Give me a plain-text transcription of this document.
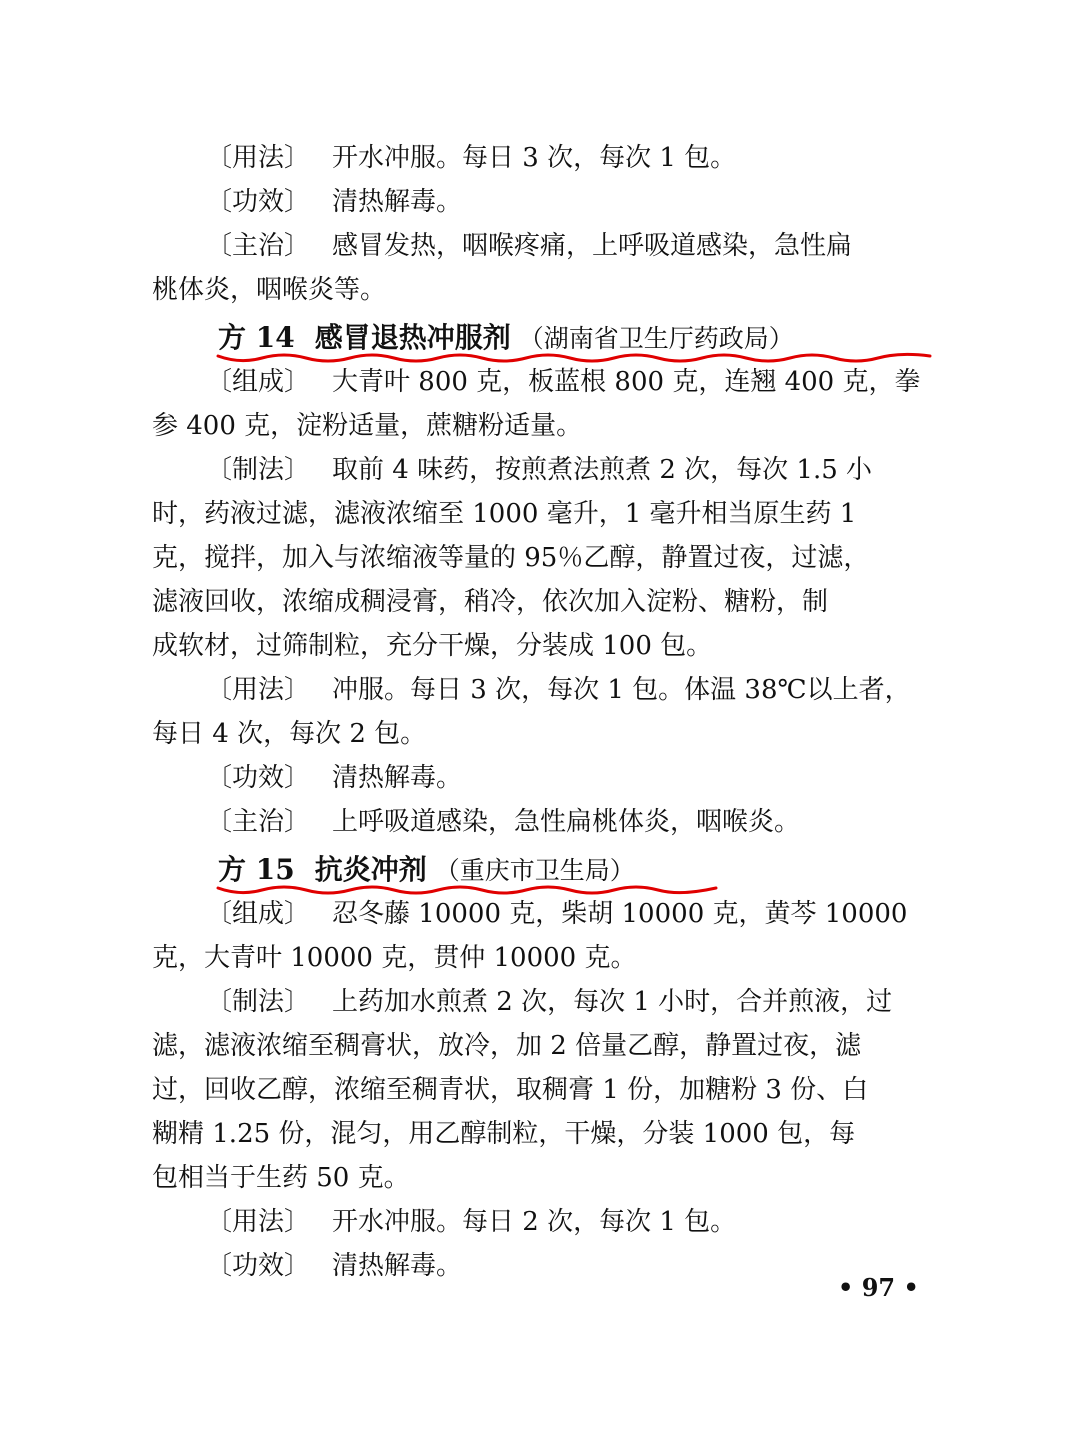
〔用法〕 开水冲服。每日 3 次，每次 1 包。
〔功效〕 清热解毒。
〔主治〕 感冒发热，咽喉疼痛，上呼吸道感染，急性扁
桃体炎，咽喉炎等。
方 14 感冒退热冲服剂 （湖南省卫生厅药政局）
〔组成〕 大青叶 800 克，板蓝根 800 克，连翘 400 克，拳
参 400 克，淀粉适量，蔗糖粉适量。
〔制法〕 取前 4 味药，按煎煮法煎煮 2 次，每次 1.5 小
时，药液过滤，滤液浓缩至 1000 毫升，1 毫升相当原生药 1
克，搅拌，加入与浓缩液等量的 95％乙醇，静置过夜，过滤，
滤液回收，浓缩成稠浸膏，稍冷，依次加入淀粉、糖粉，制
成软材，过筛制粒，充分干燥，分装成 100 包。
〔用法〕 冲服。每日 3 次，每次 1 包。体温 38℃以上者，
每日 4 次，每次 2 包。
〔功效〕 清热解毒。
〔主治〕 上呼吸道感染，急性扁桃体炎，咽喉炎。
方 15 抗炎冲剂 （重庆市卫生局）
〔组成〕 忍冬藤 10000 克，柴胡 10000 克，黄芩 10000
克，大青叶 10000 克，贯仲 10000 克。
〔制法〕 上药加水煎煮 2 次，每次 1 小时，合并煎液，过
滤，滤液浓缩至稠膏状，放冷，加 2 倍量乙醇，静置过夜，滤
过，回收乙醇，浓缩至稠青状，取稠膏 1 份，加糖粉 3 份、白
糊精 1.25 份，混匀，用乙醇制粒，干燥，分装 1000 包，每
包相当于生药 50 克。
〔用法〕 开水冲服。每日 2 次，每次 1 包。
〔功效〕 清热解毒。
• 97 •
